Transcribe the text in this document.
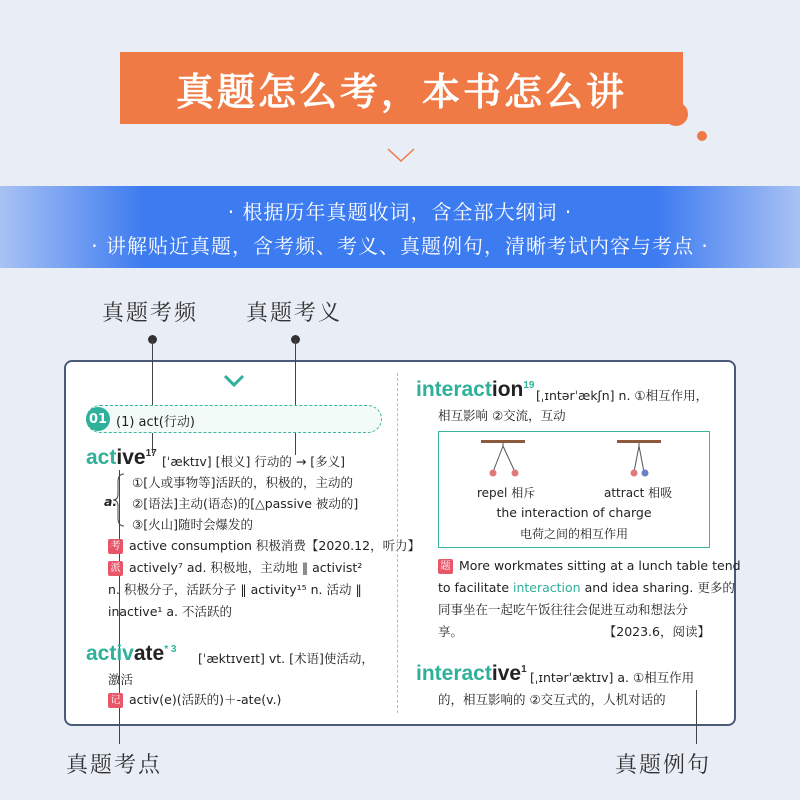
真题怎么考，本书怎么讲
· 根据历年真题收词，含全部大纲词 ·
· 讲解贴近真题，含考频、考义、真题例句，清晰考试内容与考点 ·
真题考频 真题考义
真题考点	真题例句
01 (1) act(行动)
active$^{17}$
[ˈæktɪv] [根义] 行动的 → [多义]
a.
①[人或事物等]活跃的，积极的，主动的
②[语法]主动(语态)的[△passive 被动的]
③[火山]随时会爆发的
考 active consumption 积极消费【2020.12，听力】
派 actively⁷ ad. 积极地，主动地 ‖ activist²
n. 积极分子，活跃分子 ‖ activity¹⁵ n. 活动 ‖
inactive¹ a. 不活跃的
activate$^{* 3}$
[ˈæktɪveɪt] vt. [术语]使活动，
激活
记 activ(e)(活跃的)＋-ate(v.)
interaction$^{19}$
[ˌɪntərˈækʃn] n. ①相互作用，
相互影响 ②交流，互动
repel 相斥	attract 相吸
the interaction of charge
电荷之间的相互作用
题 More workmates sitting at a lunch table tend
to facilitate interaction and idea sharing. 更多的
同事坐在一起吃午饭往往会促进互动和想法分
享。	【2023.6，阅读】
interactive$^1$
[ˌɪntərˈæktɪv] a. ①相互作用
的，相互影响的 ②交互式的，人机对话的
